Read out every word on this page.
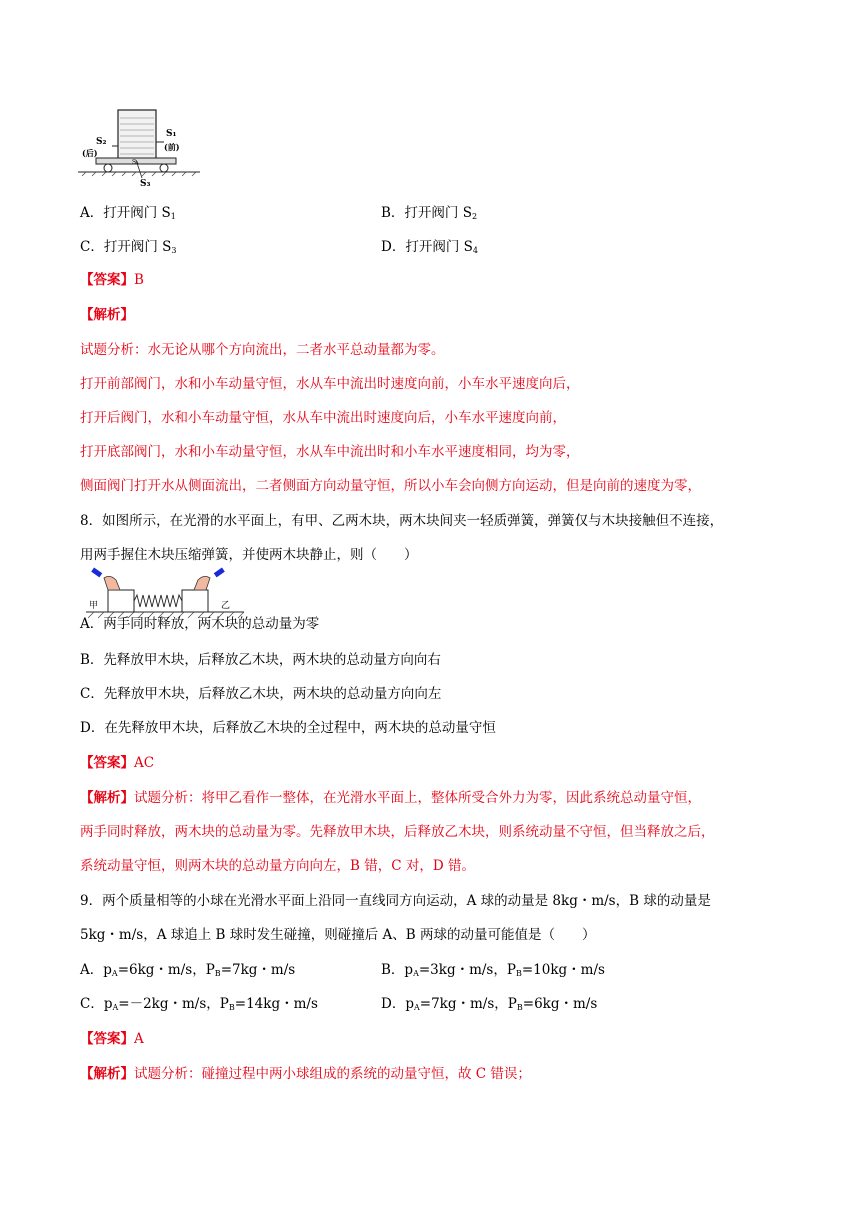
S₂
(后)
S₁
(前)
S₄
S₃
A．打开阀门 $S_1$	B．打开阀门 $S_2$
C．打开阀门 $S_3$	D．打开阀门 $S_4$
【答案】B
【解析】
试题分析：水无论从哪个方向流出，二者水平总动量都为零。
打开前部阀门，水和小车动量守恒，水从车中流出时速度向前，小车水平速度向后，
打开后阀门，水和小车动量守恒，水从车中流出时速度向后，小车水平速度向前，
打开底部阀门，水和小车动量守恒，水从车中流出时和小车水平速度相同，均为零，
侧面阀门打开水从侧面流出，二者侧面方向动量守恒，所以小车会向侧方向运动，但是向前的速度为零，
8．如图所示，在光滑的水平面上，有甲、乙两木块，两木块间夹一轻质弹簧，弹簧仅与木块接触但不连接，
用两手握住木块压缩弹簧，并使两木块静止，则（　　）
甲	乙
A．两手同时释放，两木块的总动量为零
B．先释放甲木块，后释放乙木块，两木块的总动量方向向右
C．先释放甲木块，后释放乙木块，两木块的总动量方向向左
D．在先释放甲木块，后释放乙木块的全过程中，两木块的总动量守恒
【答案】AC
【解析】试题分析：将甲乙看作一整体，在光滑水平面上，整体所受合外力为零，因此系统总动量守恒，
两手同时释放，两木块的总动量为零。先释放甲木块，后释放乙木块，则系统动量不守恒，但当释放之后，
系统动量守恒，则两木块的总动量方向向左，B 错，C 对，D 错。
9．两个质量相等的小球在光滑水平面上沿同一直线同方向运动，A 球的动量是 8kg・m/s，B 球的动量是
5kg・m/s，A 球追上 B 球时发生碰撞，则碰撞后 A、B 两球的动量可能值是（　　）
A．$p_A=6kg$・m/s，$P_B=7kg$・m/s	B．$p_A=3kg$・m/s，$P_B=10kg$・m/s
C．$p_A=-2kg$・m/s，$P_B=14kg$・m/s	D．$p_A=7kg$・m/s，$P_B=6kg$・m/s
【答案】A
【解析】试题分析：碰撞过程中两小球组成的系统的动量守恒，故 C 错误；
